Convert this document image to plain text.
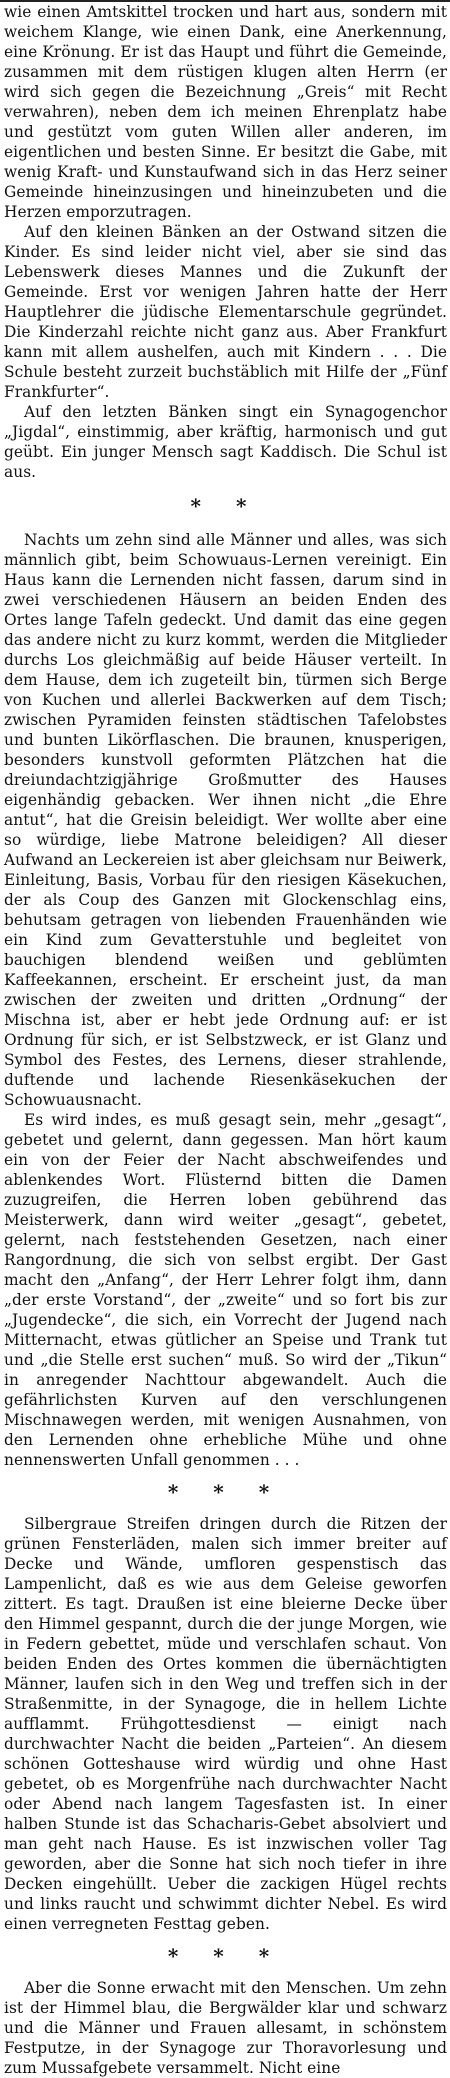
wie einen Amtskittel trocken und hart aus, sondern mit weichem Klange, wie einen Dank, eine Anerkennung, eine Krönung. Er ist das Haupt und führt die Gemeinde, zusammen mit dem rüstigen klugen alten Herrn (er wird sich gegen die Bezeichnung „Greis“ mit Recht verwahren), neben dem ich meinen Ehrenplatz habe und gestützt vom guten Willen aller anderen, im eigentlichen und besten Sinne. Er besitzt die Gabe, mit wenig Kraft- und Kunstaufwand sich in das Herz seiner Gemeinde hineinzusingen und hineinzubeten und die Herzen emporzutragen.

Auf den kleinen Bänken an der Ostwand sitzen die Kinder. Es sind leider nicht viel, aber sie sind das Lebenswerk dieses Mannes und die Zukunft der Gemeinde. Erst vor wenigen Jahren hatte der Herr Hauptlehrer die jüdische Elementarschule gegründet. Die Kinderzahl reichte nicht ganz aus. Aber Frankfurt kann mit allem aushelfen, auch mit Kindern . . . Die Schule besteht zurzeit buchstäblich mit Hilfe der „Fünf Frankfurter“.

Auf den letzten Bänken singt ein Synagogenchor „Jigdal“, einstimmig, aber kräftig, harmonisch und gut geübt. Ein junger Mensch sagt Kaddisch. Die Schul ist aus.

* *

Nachts um zehn sind alle Männer und alles, was sich männlich gibt, beim Schowuaus-Lernen vereinigt. Ein Haus kann die Lernenden nicht fassen, darum sind in zwei verschiedenen Häusern an beiden Enden des Ortes lange Tafeln gedeckt. Und damit das eine gegen das andere nicht zu kurz kommt, werden die Mitglieder durchs Los gleichmäßig auf beide Häuser verteilt. In dem Hause, dem ich zugeteilt bin, türmen sich Berge von Kuchen und allerlei Backwerken auf dem Tisch; zwischen Pyramiden feinsten städtischen Tafelobstes und bunten Likörflaschen. Die braunen, knusperigen, besonders kunstvoll geformten Plätzchen hat die dreiundachtzigjährige Großmutter des Hauses eigenhändig gebacken. Wer ihnen nicht „die Ehre antut“, hat die Greisin beleidigt. Wer wollte aber eine so würdige, liebe Matrone beleidigen? All dieser Aufwand an Leckereien ist aber gleichsam nur Beiwerk, Einleitung, Basis, Vorbau für den riesigen Käsekuchen, der als Coup des Ganzen mit Glockenschlag eins, behutsam getragen von liebenden Frauenhänden wie ein Kind zum Gevatterstuhle und begleitet von bauchigen blendend weißen und geblümten Kaffeekannen, erscheint. Er erscheint just, da man zwischen der zweiten und dritten „Ordnung“ der Mischna ist, aber er hebt jede Ordnung auf: er ist Ordnung für sich, er ist Selbstzweck, er ist Glanz und Symbol des Festes, des Lernens, dieser strahlende, duftende und lachende Riesenkäsekuchen der Schowuausnacht.

Es wird indes, es muß gesagt sein, mehr „gesagt“, gebetet und gelernt, dann gegessen. Man hört kaum ein von der Feier der Nacht abschweifendes und ablenkendes Wort. Flüsternd bitten die Damen zuzugreifen, die Herren loben gebührend das Meisterwerk, dann wird weiter „gesagt“, gebetet, gelernt, nach feststehenden Gesetzen, nach einer Rangordnung, die sich von selbst ergibt. Der Gast macht den „Anfang“, der Herr Lehrer folgt ihm, dann „der erste Vorstand“, der „zweite“ und so fort bis zur „Jugendecke“, die sich, ein Vorrecht der Jugend nach Mitternacht, etwas gütlicher an Speise und Trank tut und „die Stelle erst suchen“ muß. So wird der „Tikun“ in anregender Nachttour abgewandelt. Auch die gefährlichsten Kurven auf den verschlungenen Mischnawegen werden, mit wenigen Ausnahmen, von den Lernenden ohne erhebliche Mühe und ohne nennenswerten Unfall genommen . . .

* * *

Silbergraue Streifen dringen durch die Ritzen der grünen Fensterläden, malen sich immer breiter auf Decke und Wände, umfloren gespenstisch das Lampenlicht, daß es wie aus dem Geleise geworfen zittert. Es tagt. Draußen ist eine bleierne Decke über den Himmel gespannt, durch die der junge Morgen, wie in Federn gebettet, müde und verschlafen schaut. Von beiden Enden des Ortes kommen die übernächtigten Männer, laufen sich in den Weg und treffen sich in der Straßenmitte, in der Synagoge, die in hellem Lichte aufflammt. Frühgottesdienst — einigt nach durchwachter Nacht die beiden „Parteien“. An diesem schönen Gotteshause wird würdig und ohne Hast gebetet, ob es Morgenfrühe nach durchwachter Nacht oder Abend nach langem Tagesfasten ist. In einer halben Stunde ist das Schacharis-Gebet absolviert und man geht nach Hause. Es ist inzwischen voller Tag geworden, aber die Sonne hat sich noch tiefer in ihre Decken eingehüllt. Ueber die zackigen Hügel rechts und links raucht und schwimmt dichter Nebel. Es wird einen verregneten Festtag geben.

* * *

Aber die Sonne erwacht mit den Menschen. Um zehn ist der Himmel blau, die Bergwälder klar und schwarz und die Männer und Frauen allesamt, in schönstem Festputze, in der Synagoge zur Thoravorlesung und zum Mussafgebete versammelt. Nicht eine
